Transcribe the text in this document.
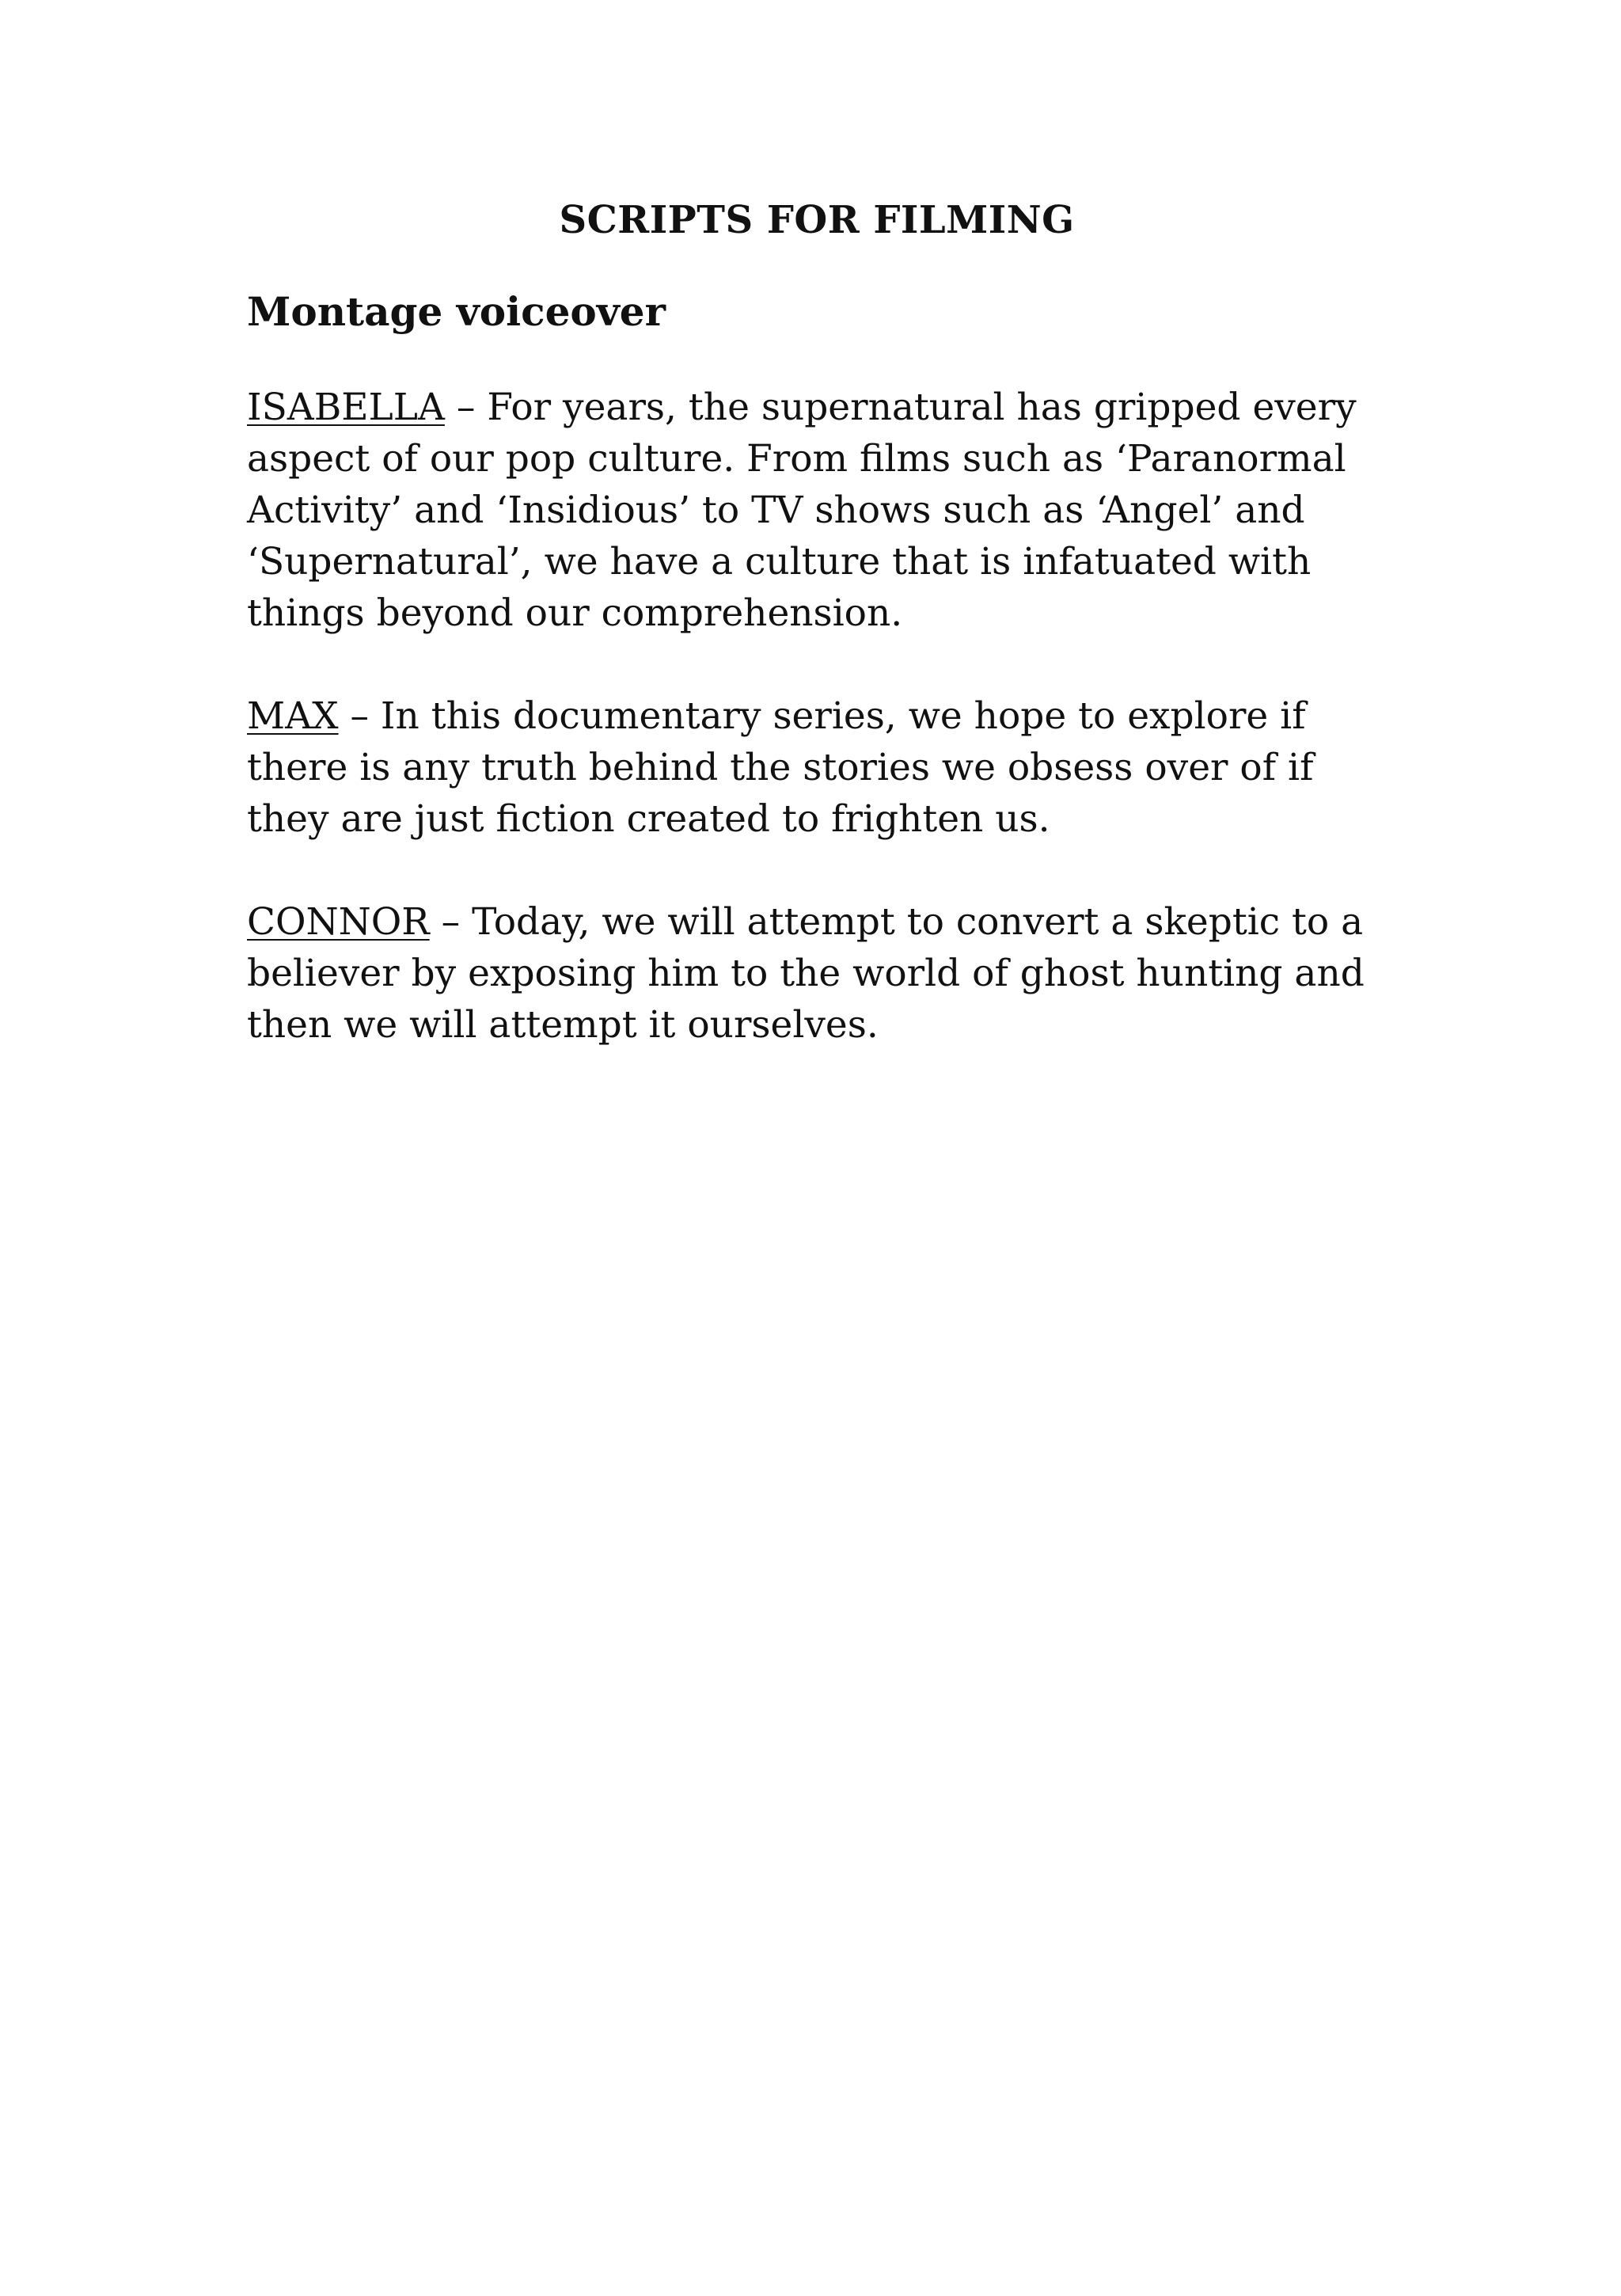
SCRIPTS FOR FILMING
Montage voiceover

ISABELLA – For years, the supernatural has gripped every aspect of our pop culture. From films such as ‘Paranormal Activity’ and ‘Insidious’ to TV shows such as ‘Angel’ and ‘Supernatural’, we have a culture that is infatuated with things beyond our comprehension.

MAX – In this documentary series, we hope to explore if there is any truth behind the stories we obsess over of if they are just fiction created to frighten us.

CONNOR – Today, we will attempt to convert a skeptic to a believer by exposing him to the world of ghost hunting and then we will attempt it ourselves.
